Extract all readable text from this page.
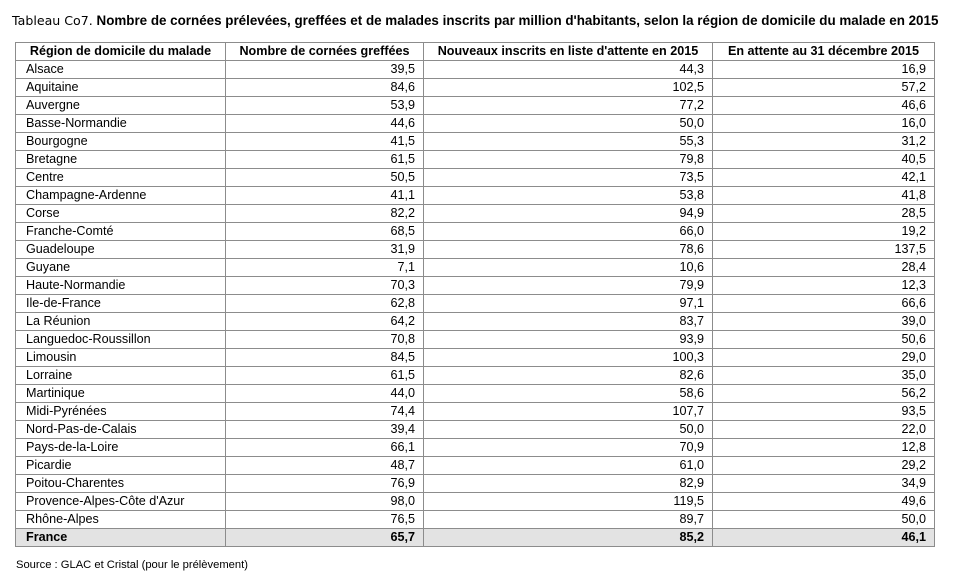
Tableau Co7. Nombre de cornées prélevées, greffées et de malades inscrits par million d'habitants, selon la région de domicile du malade en 2015
Région de domicile du malade	Nombre de cornées greffées	Nouveaux inscrits en liste d'attente en 2015	En attente au 31 décembre 2015
Alsace	39,5	44,3	16,9
Aquitaine	84,6	102,5	57,2
Auvergne	53,9	77,2	46,6
Basse-Normandie	44,6	50,0	16,0
Bourgogne	41,5	55,3	31,2
Bretagne	61,5	79,8	40,5
Centre	50,5	73,5	42,1
Champagne-Ardenne	41,1	53,8	41,8
Corse	82,2	94,9	28,5
Franche-Comté	68,5	66,0	19,2
Guadeloupe	31,9	78,6	137,5
Guyane	7,1	10,6	28,4
Haute-Normandie	70,3	79,9	12,3
Ile-de-France	62,8	97,1	66,6
La Réunion	64,2	83,7	39,0
Languedoc-Roussillon	70,8	93,9	50,6
Limousin	84,5	100,3	29,0
Lorraine	61,5	82,6	35,0
Martinique	44,0	58,6	56,2
Midi-Pyrénées	74,4	107,7	93,5
Nord-Pas-de-Calais	39,4	50,0	22,0
Pays-de-la-Loire	66,1	70,9	12,8
Picardie	48,7	61,0	29,2
Poitou-Charentes	76,9	82,9	34,9
Provence-Alpes-Côte d'Azur	98,0	119,5	49,6
Rhône-Alpes	76,5	89,7	50,0
France	65,7	85,2	46,1
Source : GLAC et Cristal (pour le prélèvement)
